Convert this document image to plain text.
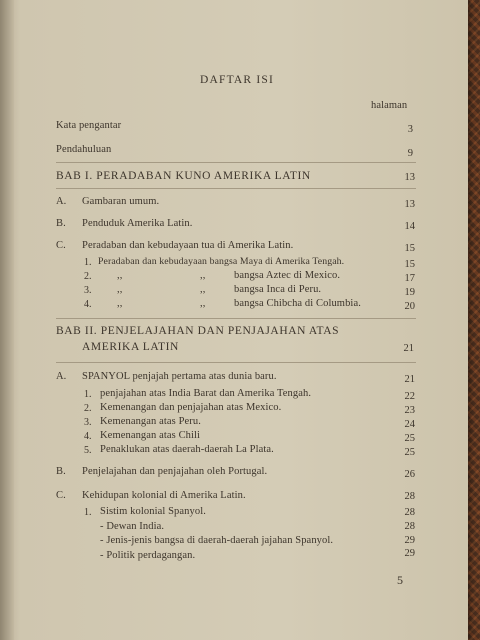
DAFTAR ISI
halaman
Kata pengantar	3
Pendahuluan	9
BAB I. PERADABAN KUNO AMERIKA LATIN	13
A. Gambaran umum.	13
B. Penduduk Amerika Latin.	14
C. Peradaban dan kebudayaan tua di Amerika Latin.	15
1. Peradaban dan kebudayaan bangsa Maya di Amerika Tengah.	15
2. ,,	,,	bangsa Aztec di Mexico.	17
3. ,,	,,	bangsa Inca di Peru.	19
4. ,,	,,	bangsa Chibcha di Columbia.	20
BAB II. PENJELAJAHAN DAN PENJAJAHAN ATAS
AMERIKA LATIN	21
A. SPANYOL penjajah pertama atas dunia baru.	21
1. penjajahan atas India Barat dan Amerika Tengah.	22
2. Kemenangan dan penjajahan atas Mexico.	23
3. Kemenangan atas Peru.	24
4. Kemenangan atas Chili	25
5. Penaklukan atas daerah-daerah La Plata.	25
B. Penjelajahan dan penjajahan oleh Portugal.	26
C. Kehidupan kolonial di Amerika Latin.	28
1. Sistim kolonial Spanyol.	28
- Dewan India.	28
- Jenis-jenis bangsa di daerah-daerah jajahan Spanyol.	29
- Politik perdagangan.	29
5
